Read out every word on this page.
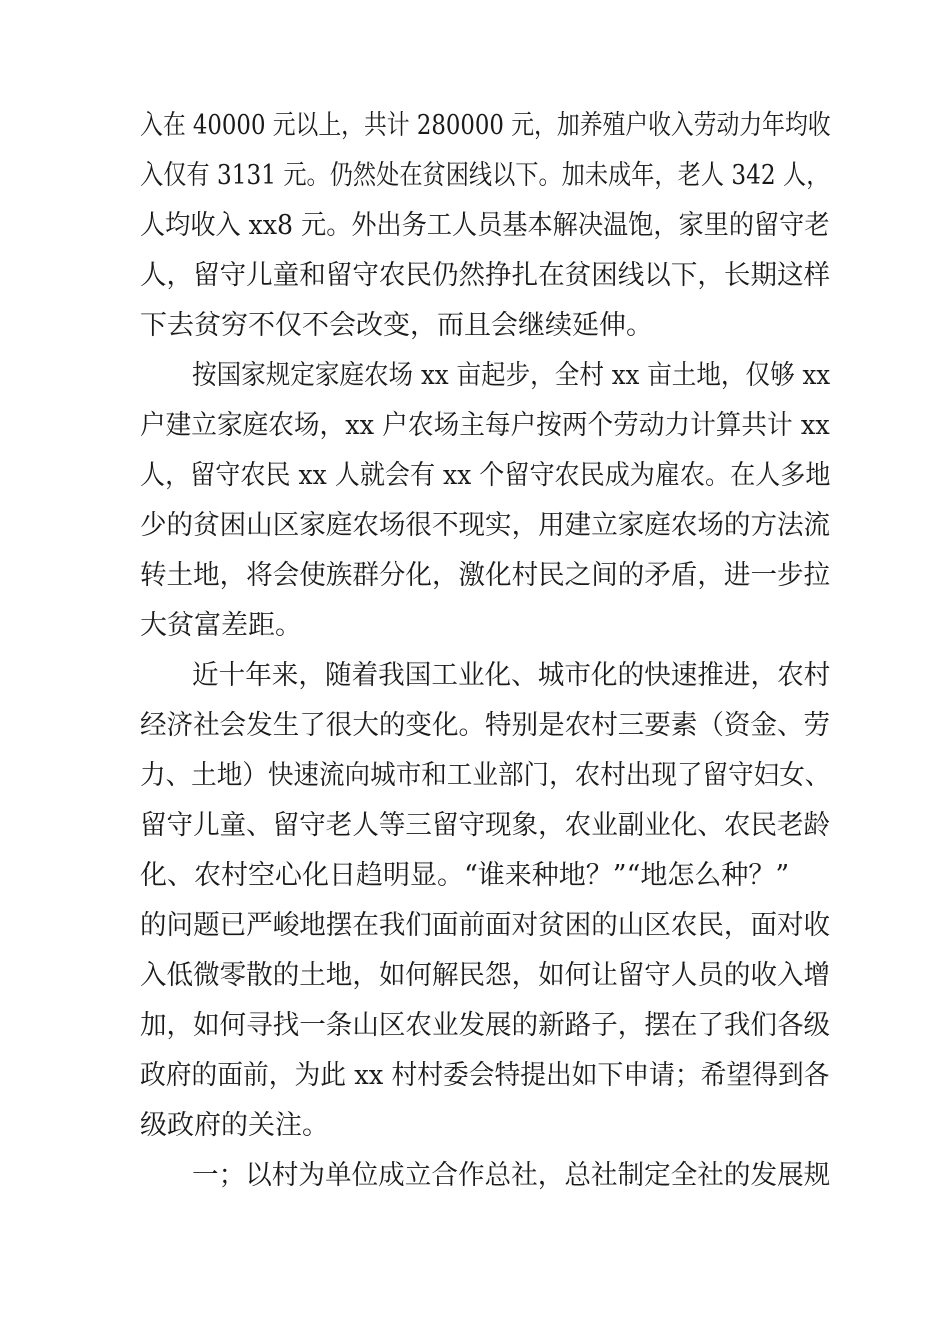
入在 40000 元以上，共计 280000 元，加养殖户收入劳动力年均收

入仅有 3131 元。仍然处在贫困线以下。加未成年，老人 342 人，

人均收入 xx8 元。外出务工人员基本解决温饱，家里的留守老

人，留守儿童和留守农民仍然挣扎在贫困线以下，长期这样

下去贫穷不仅不会改变，而且会继续延伸。

按国家规定家庭农场 xx 亩起步，全村 xx 亩土地，仅够 xx

户建立家庭农场，xx 户农场主每户按两个劳动力计算共计 xx

人，留守农民 xx 人就会有 xx 个留守农民成为雇农。在人多地

少的贫困山区家庭农场很不现实，用建立家庭农场的方法流

转土地，将会使族群分化，激化村民之间的矛盾，进一步拉

大贫富差距。

近十年来，随着我国工业化、城市化的快速推进，农村

经济社会发生了很大的变化。特别是农村三要素（资金、劳

力、土地）快速流向城市和工业部门，农村出现了留守妇女、

留守儿童、留守老人等三留守现象，农业副业化、农民老龄

化、农村空心化日趋明显。“谁来种地？”“地怎么种？”

的问题已严峻地摆在我们面前面对贫困的山区农民，面对收

入低微零散的土地，如何解民怨，如何让留守人员的收入增

加，如何寻找一条山区农业发展的新路子，摆在了我们各级

政府的面前，为此 xx 村村委会特提出如下申请；希望得到各

级政府的关注。

一；以村为单位成立合作总社，总社制定全社的发展规
